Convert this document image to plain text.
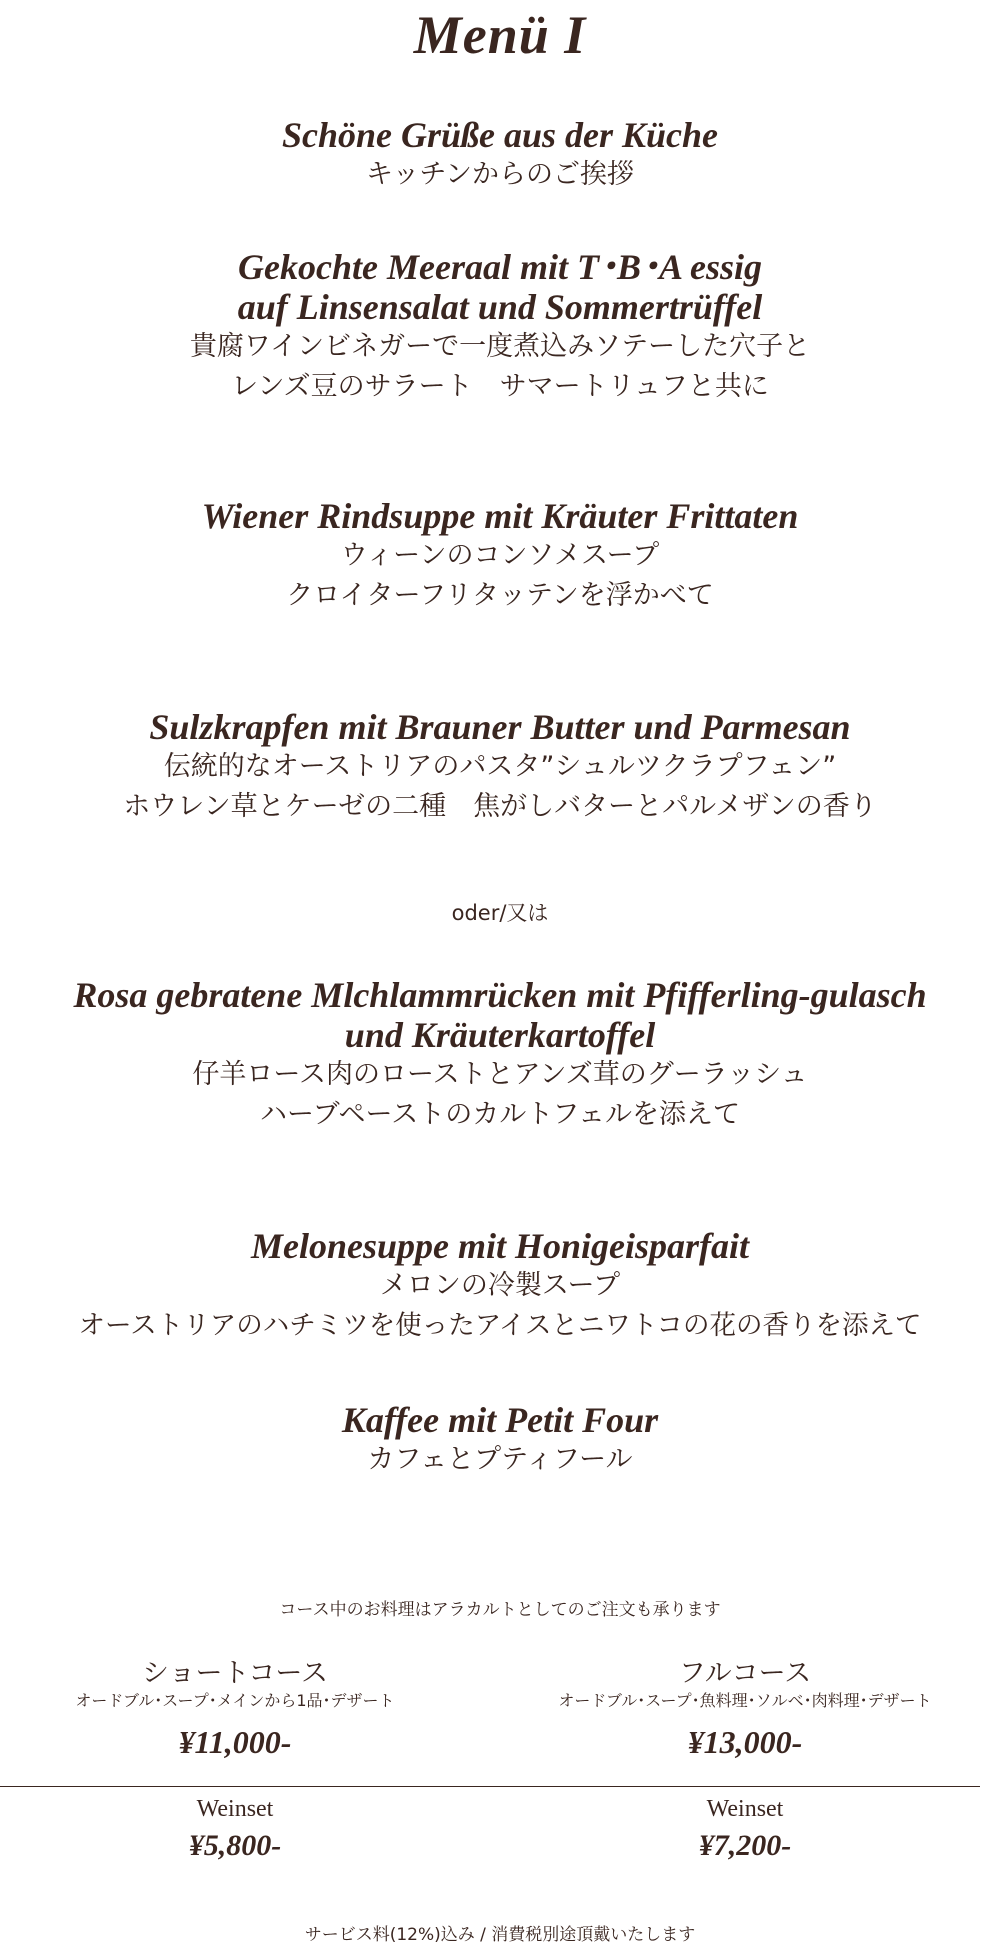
Menü I
Schöne Grüße aus der Küche
キッチンからのご挨拶
Gekochte Meeraal mit T･B･A essig
auf Linsensalat und Sommertrüffel
貴腐ワインビネガーで一度煮込みソテーした穴子と
レンズ豆のサラート　サマートリュフと共に
Wiener Rindsuppe mit Kräuter Frittaten
ウィーンのコンソメスープ
クロイターフリタッテンを浮かべて
Sulzkrapfen mit Brauner Butter und Parmesan
伝統的なオーストリアのパスタ”シュルツクラプフェン”
ホウレン草とケーゼの二種　焦がしバターとパルメザンの香り
oder/又は
Rosa gebratene Mlchlammrücken mit Pfifferling-gulasch
und Kräuterkartoffel
仔羊ロース肉のローストとアンズ茸のグーラッシュ
ハーブペーストのカルトフェルを添えて
Melonesuppe mit Honigeisparfait
メロンの冷製スープ
オーストリアのハチミツを使ったアイスとニワトコの花の香りを添えて
Kaffee mit Petit Four
カフェとプティフール
コース中のお料理はアラカルトとしてのご注文も承ります
ショートコース
オードブル･スープ･メインから1品･デザート
¥11,000-
フルコース
オードブル･スープ･魚料理･ソルベ･肉料理･デザート
¥13,000-
Weinset
¥5,800-
Weinset
¥7,200-
サービス料(12%)込み / 消費税別途頂戴いたします
